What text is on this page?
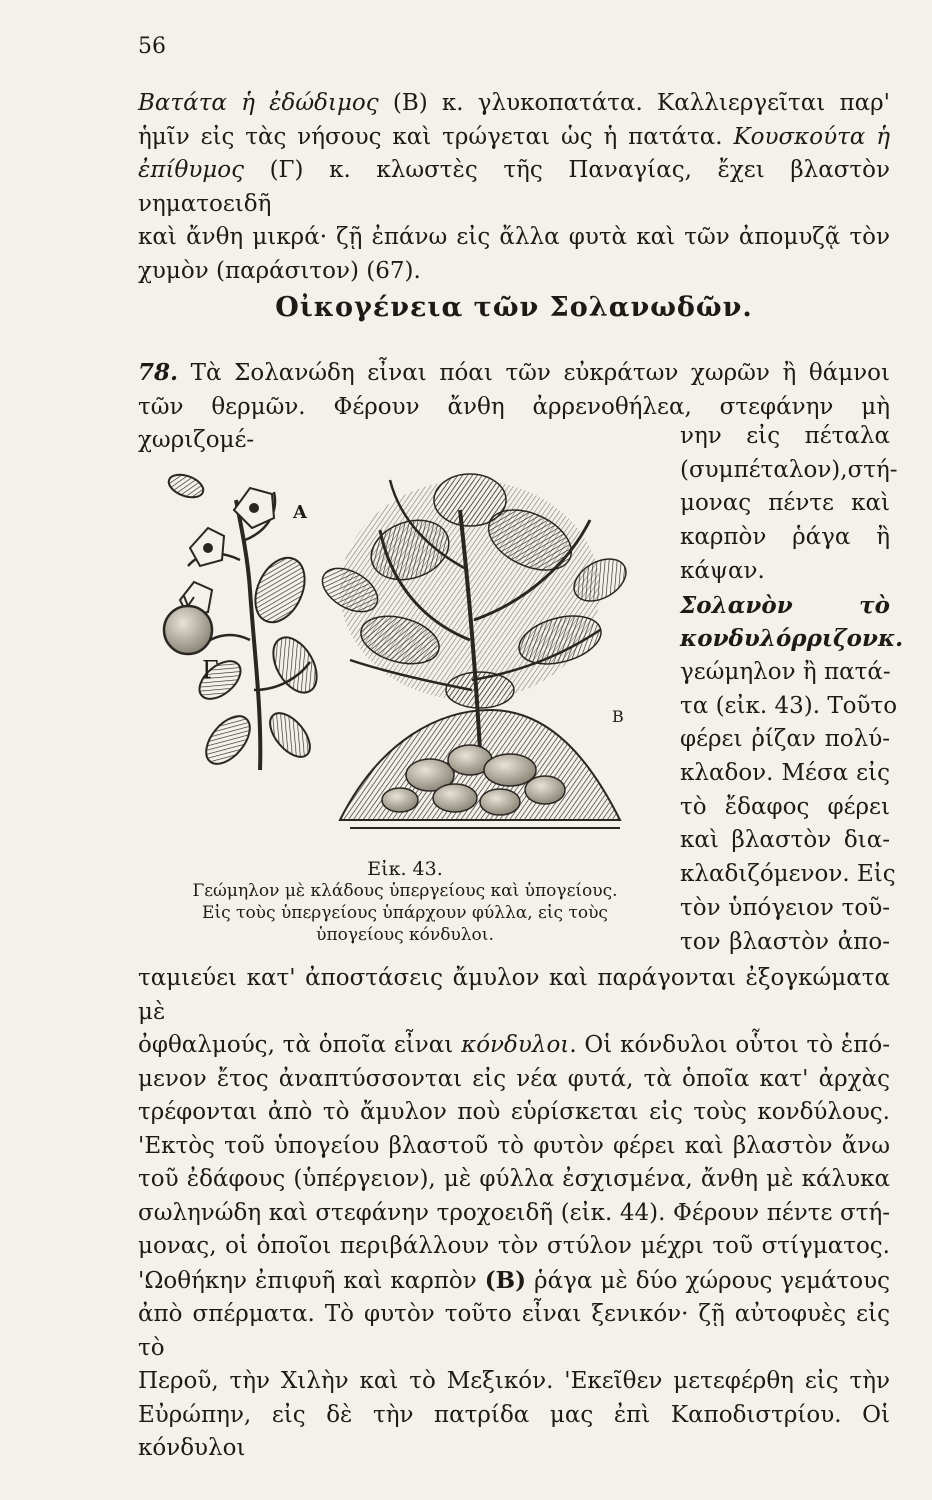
56
Βατάτα ἡ ἐδώδιμος (Β) κ. γλυκοπατάτα. Καλλιεργεῖται παρ'
ἡμῖν εἰς τὰς νήσους καὶ τρώγεται ὡς ἡ πατάτα. Κουσκούτα ἡ
ἐπίθυμος (Γ) κ. κλωστὲς τῆς Παναγίας, ἔχει βλαστὸν νηματοειδῆ
καὶ ἄνθη μικρά· ζῇ ἐπάνω εἰς ἄλλα φυτὰ καὶ τῶν ἀπομυζᾷ τὸν
χυμὸν (παράσιτον) (67).
Οἰκογένεια τῶν Σολανωδῶν.
78. Τὰ Σολανώδη εἶναι πόαι τῶν εὐκράτων χωρῶν ἢ θάμνοι
τῶν θερμῶν. Φέρουν ἄνθη ἀρρενοθήλεα, στεφάνην μὴ χωριζομέ-	νην εἰς πέταλα
(συμπέταλον),στή-
μονας πέντε καὶ
καρπὸν ῥάγα ἢ
κάψαν.
Σολανὸν τὸ
κονδυλόρριζονκ.
γεώμηλον ἢ πατά-
τα (εἰκ. 43). Τοῦτο
φέρει ῥίζαν πολύ-
κλαδον. Μέσα εἰς
τὸ ἔδαφος φέρει
καὶ βλαστὸν δια-
κλαδιζόμενον. Εἰς
τὸν ὑπόγειον τοῦ-
τον βλαστὸν ἀπο-
Α
Γ
Β
Εἰκ. 43.
Γεώμηλον μὲ κλάδους ὑπεργείους καὶ ὑπογείους.
Εἰς τοὺς ὑπεργείους ὑπάρχουν φύλλα, εἰς τοὺς
ὑπογείους κόνδυλοι.
ταμιεύει κατ' ἀποστάσεις ἄμυλον καὶ παράγονται ἐξογκώματα μὲ
ὀφθαλμούς, τὰ ὁποῖα εἶναι κόνδυλοι. Οἱ κόνδυλοι οὗτοι τὸ ἑπό-
μενον ἔτος ἀναπτύσσονται εἰς νέα φυτά, τὰ ὁποῖα κατ' ἀρχὰς
τρέφονται ἀπὸ τὸ ἄμυλον ποὺ εὑρίσκεται εἰς τοὺς κονδύλους.
'Εκτὸς τοῦ ὑπογείου βλαστοῦ τὸ φυτὸν φέρει καὶ βλαστὸν ἄνω
τοῦ ἐδάφους (ὑπέργειον), μὲ φύλλα ἐσχισμένα, ἄνθη μὲ κάλυκα
σωληνώδη καὶ στεφάνην τροχοειδῆ (εἰκ. 44). Φέρουν πέντε στή-
μονας, οἱ ὁποῖοι περιβάλλουν τὸν στύλον μέχρι τοῦ στίγματος.
'Ωοθήκην ἐπιφυῆ καὶ καρπὸν (Β) ῥάγα μὲ δύο χώρους γεμάτους
ἀπὸ σπέρματα. Τὸ φυτὸν τοῦτο εἶναι ξενικόν· ζῇ αὐτοφυὲς εἰς τὸ
Περοῦ, τὴν Χιλὴν καὶ τὸ Μεξικόν. 'Εκεῖθεν μετεφέρθη εἰς τὴν
Εὐρώπην, εἰς δὲ τὴν πατρίδα μας ἐπὶ Καποδιστρίου. Οἱ κόνδυλοι
